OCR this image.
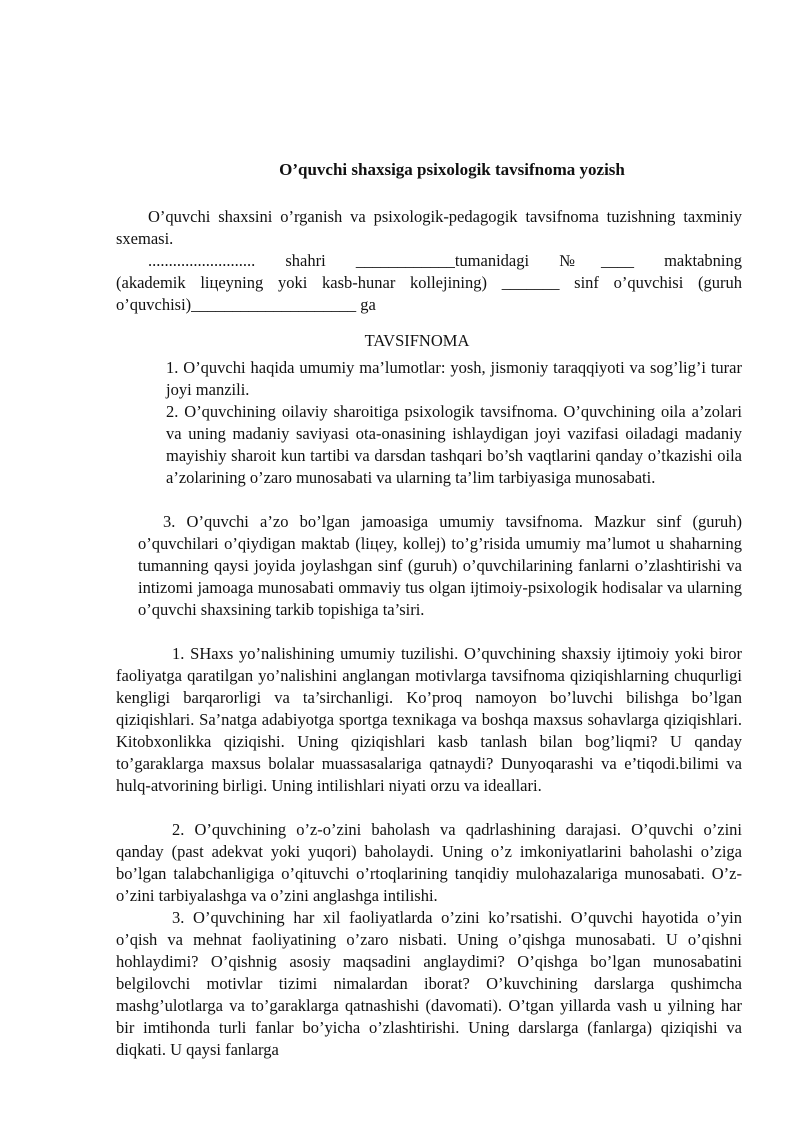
O’quvchi shaxsiga psixologik tavsifnoma yozish

O’quvchi shaxsini o’rganish va psixologik-pedagogik tavsifnoma tuzishning taxminiy sxemasi.

.......................... shahri ____________tumanidagi №____ maktabning

(akademik liцeyning yoki kasb-hunar kollejining) _______ sinf o’quvchisi (guruh

o’quvchisi)____________________ ga

TAVSIFNOMA

1. O’quvchi haqida umumiy ma’lumotlar: yosh, jismoniy taraqqiyoti va sog’lig’i turar joyi manzili.

2. O’quvchining oilaviy sharoitiga psixologik tavsifnoma. O’quvchining oila a’zolari va uning madaniy saviyasi ota-onasining ishlaydigan joyi vazifasi oiladagi madaniy mayishiy sharoit kun tartibi va darsdan tashqari bo’sh vaqtlarini qanday o’tkazishi oila a’zolarining o’zaro munosabati va ularning ta’lim tarbiyasiga munosabati.

3. O’quvchi a’zo bo’lgan jamoasiga umumiy tavsifnoma. Mazkur sinf (guruh) o’quvchilari o’qiydigan maktab (liцey, kollej) to’g’risida umumiy ma’lumot u shaharning tumanning qaysi joyida joylashgan sinf (guruh) o’quvchilarining fanlarni o’zlashtirishi va intizomi jamoaga munosabati ommaviy tus olgan ijtimoiy-psixologik hodisalar va ularning o’quvchi shaxsining tarkib topishiga ta’siri.

1. SHaxs yo’nalishining umumiy tuzilishi. O’quvchining shaxsiy ijtimoiy yoki biror faoliyatga qaratilgan yo’nalishini anglangan motivlarga tavsifnoma qiziqishlarning chuqurligi kengligi barqarorligi va ta’sirchanligi. Ko’proq namoyon bo’luvchi bilishga bo’lgan qiziqishlari. Sa’natga adabiyotga sportga texnikaga va boshqa maxsus sohavlarga qiziqishlari. Kitobxonlikka qiziqishi. Uning qiziqishlari kasb tanlash bilan bog’liqmi? U qanday to’garaklarga maxsus bolalar muassasalariga qatnaydi? Dunyoqarashi va e’tiqodi.bilimi va hulq-atvorining birligi. Uning intilishlari niyati orzu va ideallari.

2. O’quvchining o’z-o’zini baholash va qadrlashining darajasi. O’quvchi o’zini qanday (past adekvat yoki yuqori) baholaydi. Uning o’z imkoniyatlarini baholashi o’ziga bo’lgan talabchanligiga o’qituvchi o’rtoqlarining tanqidiy mulohazalariga munosabati. O’z-o’zini tarbiyalashga va o’zini anglashga intilishi.

3. O’quvchining har xil faoliyatlarda o’zini ko’rsatishi. O’quvchi hayotida o’yin o’qish va mehnat faoliyatining o’zaro nisbati. Uning o’qishga munosabati. U o’qishni hohlaydimi? O’qishnig asosiy maqsadini anglaydimi? O’qishga bo’lgan munosabatini belgilovchi motivlar tizimi nimalardan iborat? O’kuvchining darslarga qushimcha mashg’ulotlarga va to’garaklarga qatnashishi (davomati). O’tgan yillarda vash u yilning har bir imtihonda turli fanlar bo’yicha o’zlashtirishi. Uning darslarga (fanlarga) qiziqishi va diqkati. U qaysi fanlarga
